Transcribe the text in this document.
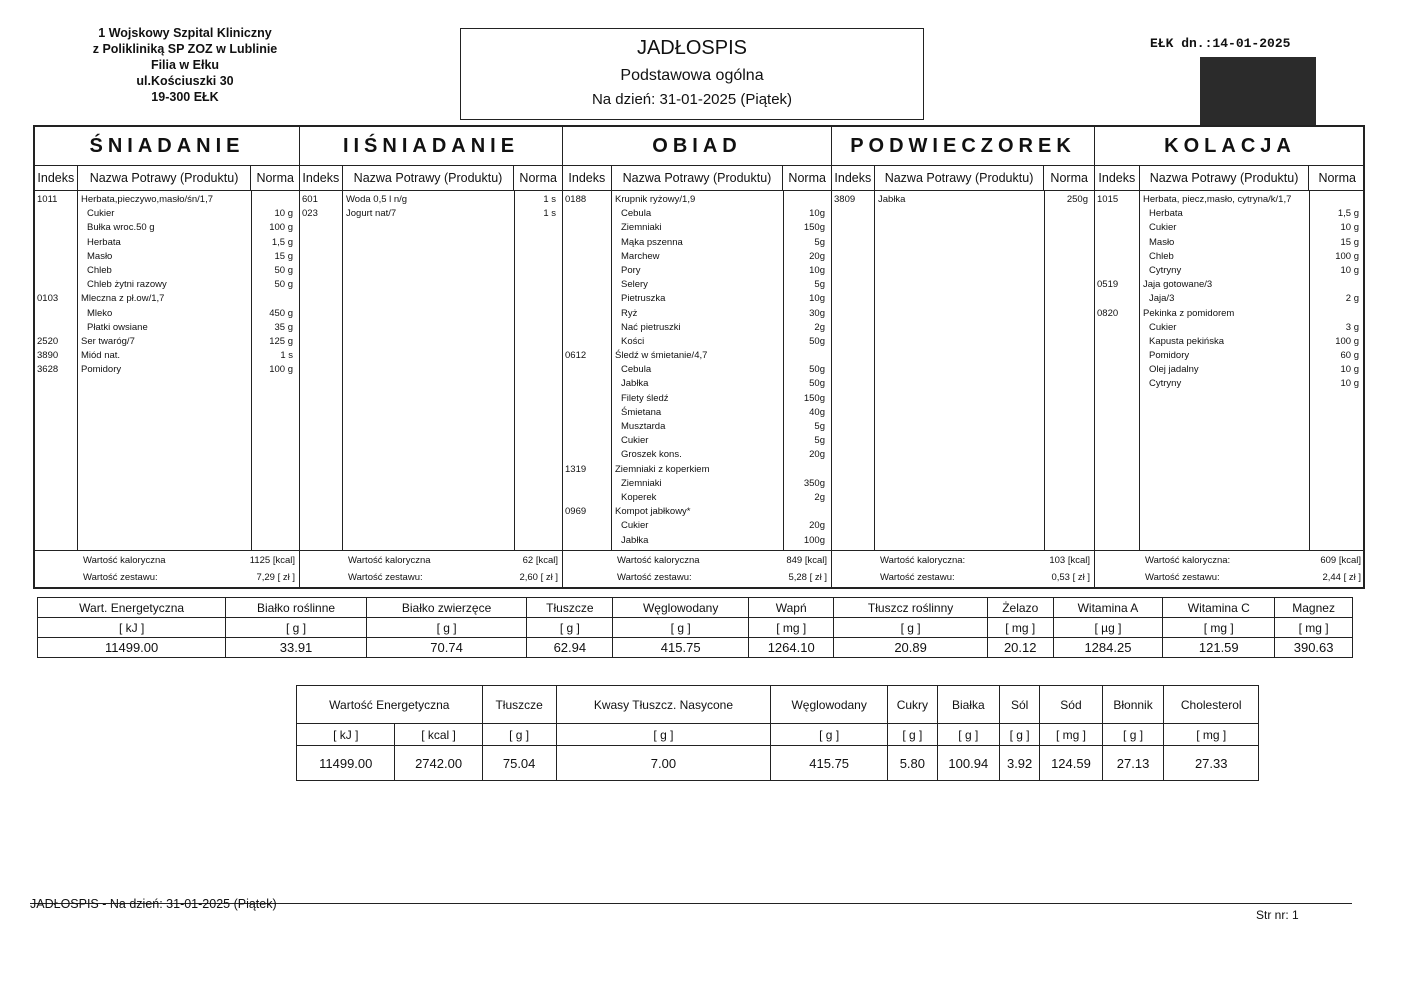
1 Wojskowy Szpital Kliniczny
z Polikliniką SP ZOZ w Lublinie
Filia w Ełku
ul.Kościuszki 30
19-300 EŁK
JADŁOSPIS
Podstawowa ogólna
Na dzień: 31-01-2025 (Piątek)
EŁK dn.:14-01-2025
ŚNIADANIE
Indeks	Nazwa Potrawy (Produktu)	Norma
1011 Herbata,pieczywo,masło/śn/1,7
Cukier	10 g
Bułka wroc.50 g	100 g
Herbata	1,5 g
Masło	15 g
Chleb	50 g
Chleb żytni razowy	50 g
0103 Mleczna z pł.ow/1,7
Mleko	450 g
Płatki owsiane	35 g
2520 Ser twaróg/7	125 g
3890 Miód nat.	1 s
3628 Pomidory	100 g
Wartość kaloryczna	1125 [kcal]
Wartość zestawu:	7,29 [ zł ]
IIŚNIADANIE
Indeks	Nazwa Potrawy (Produktu)	Norma
601	Woda 0,5 l n/g	1 s
023	Jogurt nat/7	1 s
Wartość kaloryczna	62 [kcal]
Wartość zestawu:	2,60 [ zł ]
OBIAD
Indeks	Nazwa Potrawy (Produktu)	Norma
0188	Krupnik ryżowy/1,9
Cebula	10g
Ziemniaki	150g
Mąka pszenna	5g
Marchew	20g
Pory	10g
Selery	5g
Pietruszka	10g
Ryż	30g
Nać pietruszki	2g
Kości	50g
0612	Śledź w śmietanie/4,7
Cebula	50g
Jabłka	50g
Filety śledź	150g
Śmietana	40g
Musztarda	5g
Cukier	5g
Groszek kons.	20g
1319	Ziemniaki z koperkiem
Ziemniaki	350g
Koperek	2g
0969	Kompot jabłkowy*
Cukier	20g
Jabłka	100g
Wartość kaloryczna	849 [kcal]
Wartość zestawu:	5,28 [ zł ]
PODWIECZOREK
Indeks	Nazwa Potrawy (Produktu)	Norma
3809 Jabłka	250g
Wartość kaloryczna:	103 [kcal]
Wartość zestawu:	0,53 [ zł ]
KOLACJA
Indeks	Nazwa Potrawy (Produktu)	Norma
1015	Herbata, piecz,masło, cytryna/k/1,7
Herbata	1,5 g
Cukier	10 g
Masło	15 g
Chleb	100 g
Cytryny	10 g
0519	Jaja gotowane/3
Jaja/3	2 g
0820	Pekinka z pomidorem
Cukier	3 g
Kapusta pekińska	100 g
Pomidory	60 g
Olej jadalny	10 g
Cytryny	10 g
Wartość kaloryczna:	609 [kcal]
Wartość zestawu:	2,44 [ zł ]
Wart. Energetyczna	Białko roślinne	Białko zwierzęce	Tłuszcze	Węglowodany	Wapń	Tłuszcz roślinny	Żelazo	Witamina A	Witamina C	Magnez
[ kJ ]	[ g ]	[ g ]	[ g ]	[ g ]	[ mg ]	[ g ]	[ mg ]	[ µg ]	[ mg ]	[ mg ]
11499.00	33.91	70.74	62.94	415.75	1264.10	20.89	20.12	1284.25	121.59	390.63
Wartość Energetyczna		Tłuszcze	Kwasy Tłuszcz. Nasycone	Węglowodany	Cukry	Białka	Sól	Sód	Błonnik	Cholesterol
[ kJ ]	[ kcal ]	[ g ]	[ g ]	[ g ]	[ g ]	[ g ]	[ g ]	[ mg ]	[ g ]	[ mg ]
11499.00	2742.00	75.04	7.00	415.75	5.80	100.94	3.92	124.59	27.13	27.33
JADŁOSPIS - Na dzień: 31-01-2025 (Piątek)
Str nr: 1
